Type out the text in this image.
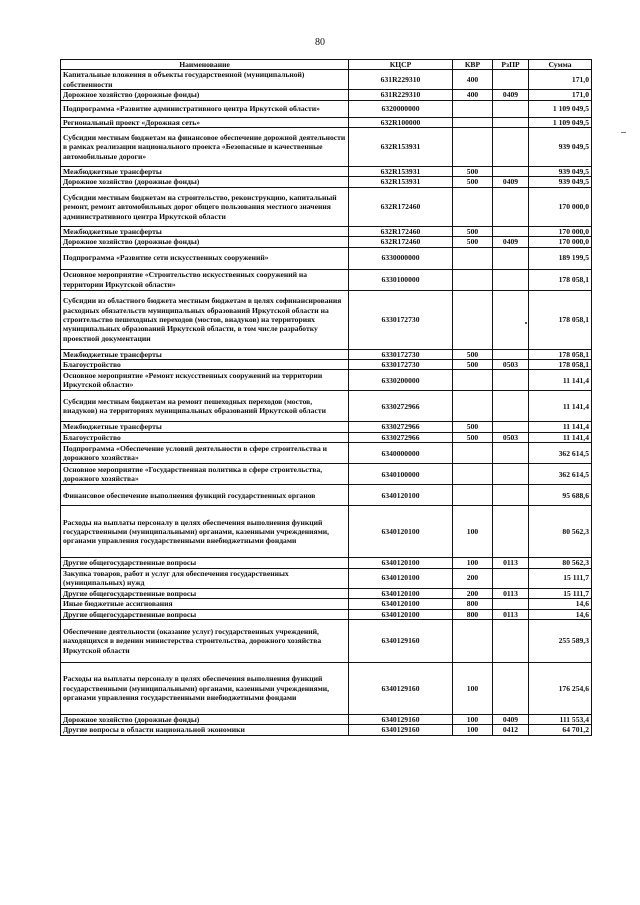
80
Наименование	КЦСР	КВР	РзПР	Сумма
Капитальные вложения в объекты государственной (муниципальной) собственности	631R229310	400		171,0
Дорожное хозяйство (дорожные фонды)	631R229310	400	0409	171,0
Подпрограмма «Развитие административного центра Иркутской области»	6320000000			1 109 049,5
Региональный проект «Дорожная сеть»	632R100000			1 109 049,5
Субсидии местным бюджетам на финансовое обеспечение дорожной деятельности в рамках реализации национального проекта «Безопасные и качественные автомобильные дороги»	632R153931			939 049,5
Межбюджетные трансферты	632R153931	500		939 049,5
Дорожное хозяйство (дорожные фонды)	632R153931	500	0409	939 049,5
Субсидии местным бюджетам на строительство, реконструкцию, капитальный ремонт, ремонт автомобильных дорог общего пользования местного значения административного центра Иркутской области	632R172460			170 000,0
Межбюджетные трансферты	632R172460	500		170 000,0
Дорожное хозяйство (дорожные фонды)	632R172460	500	0409	170 000,0
Подпрограмма «Развитие сети искусственных сооружений»	6330000000			189 199,5
Основное мероприятие «Строительство искусственных сооружений на территории Иркутской области»	6330100000			178 058,1
Субсидии из областного бюджета местным бюджетам в целях софинансирования расходных обязательств муниципальных образований Иркутской области на строительство пешеходных переходов (мостов, виадуков) на территориях муниципальных образований Иркутской области, в том числе разработку проектной документации	6330172730			178 058,1
Межбюджетные трансферты	6330172730	500		178 058,1
Благоустройство	6330172730	500	0503	178 058,1
Основное мероприятие «Ремонт искусственных сооружений на территории Иркутской области»	6330200000			11 141,4
Субсидии местным бюджетам на ремонт пешеходных переходов (мостов, виадуков) на территориях муниципальных образований Иркутской области	6330272966			11 141,4
Межбюджетные трансферты	6330272966	500		11 141,4
Благоустройство	6330272966	500	0503	11 141,4
Подпрограмма «Обеспечение условий деятельности в сфере строительства и дорожного хозяйства»	6340000000			362 614,5
Основное мероприятие «Государственная политика в сфере строительства, дорожного хозяйства»	6340100000			362 614,5
Финансовое обеспечение выполнения функций государственных органов	6340120100			95 688,6
Расходы на выплаты персоналу в целях обеспечения выполнения функций государственными (муниципальными) органами, казенными учреждениями, органами управления государственными внебюджетными фондами	6340120100	100		80 562,3
Другие общегосударственные вопросы	6340120100	100	0113	80 562,3
Закупка товаров, работ и услуг для обеспечения государственных (муниципальных) нужд	6340120100	200		15 111,7
Другие общегосударственные вопросы	6340120100	200	0113	15 111,7
Иные бюджетные ассигнования	6340120100	800		14,6
Другие общегосударственные вопросы	6340120100	800	0113	14,6
Обеспечение деятельности (оказание услуг) государственных учреждений, находящихся в ведении министерства строительства, дорожного хозяйства Иркутской области	6340129160			255 589,3
Расходы на выплаты персоналу в целях обеспечения выполнения функций государственными (муниципальными) органами, казенными учреждениями, органами управления государственными внебюджетными фондами	6340129160	100		176 254,6
Дорожное хозяйство (дорожные фонды)	6340129160	100	0409	111 553,4
Другие вопросы в области национальной экономики	6340129160	100	0412	64 701,2
